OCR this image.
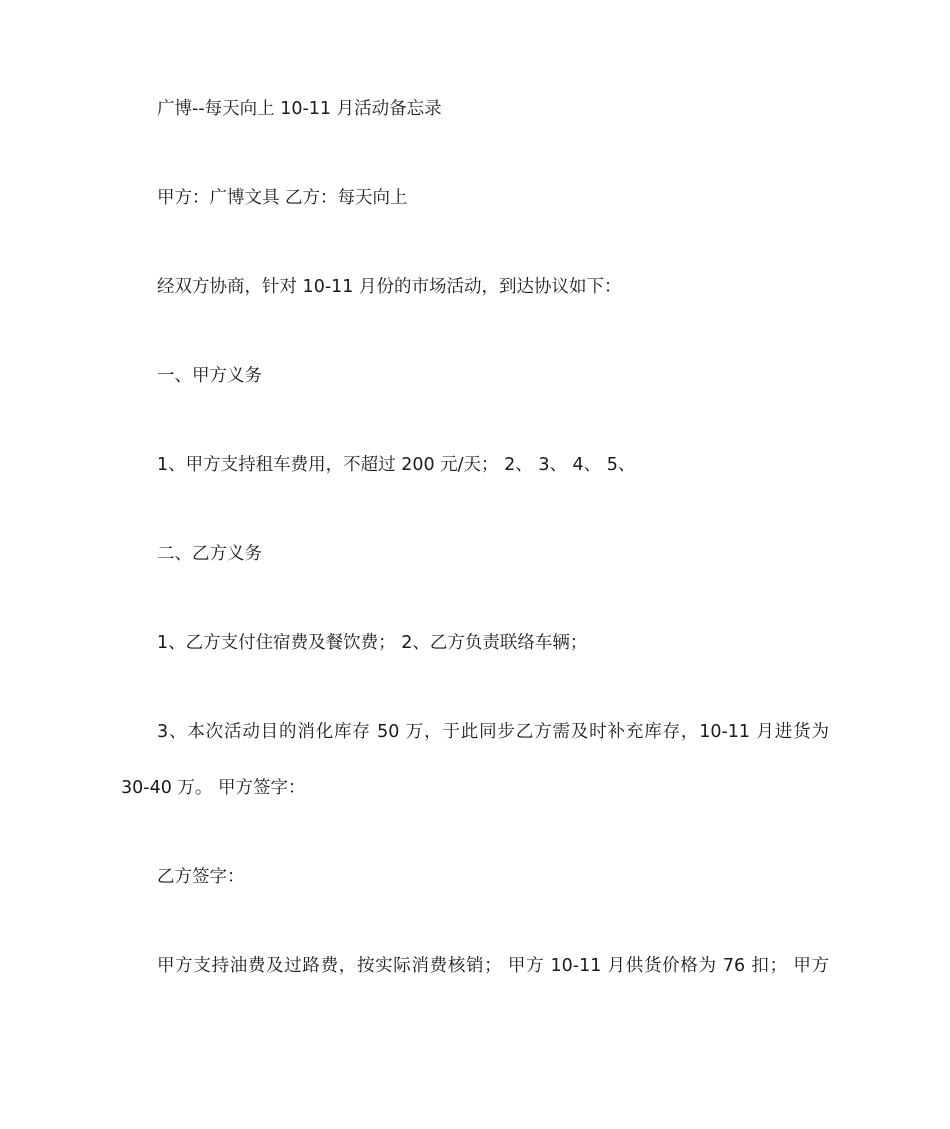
广博--每天向上 10-11 月活动备忘录
甲方：广博文具 乙方：每天向上
经双方协商，针对 10-11 月份的市场活动，到达协议如下：
一、甲方义务
1、甲方支持租车费用，不超过 200 元/天； 2、 3、 4、 5、
二、乙方义务
1、乙方支付住宿费及餐饮费； 2、乙方负责联络车辆；
3、本次活动目的消化库存 50 万，于此同步乙方需及时补充库存，10-11 月进货为
30-40 万。 甲方签字：
乙方签字：
甲方支持油费及过路费，按实际消费核销； 甲方 10-11 月供货价格为 76 扣； 甲方
